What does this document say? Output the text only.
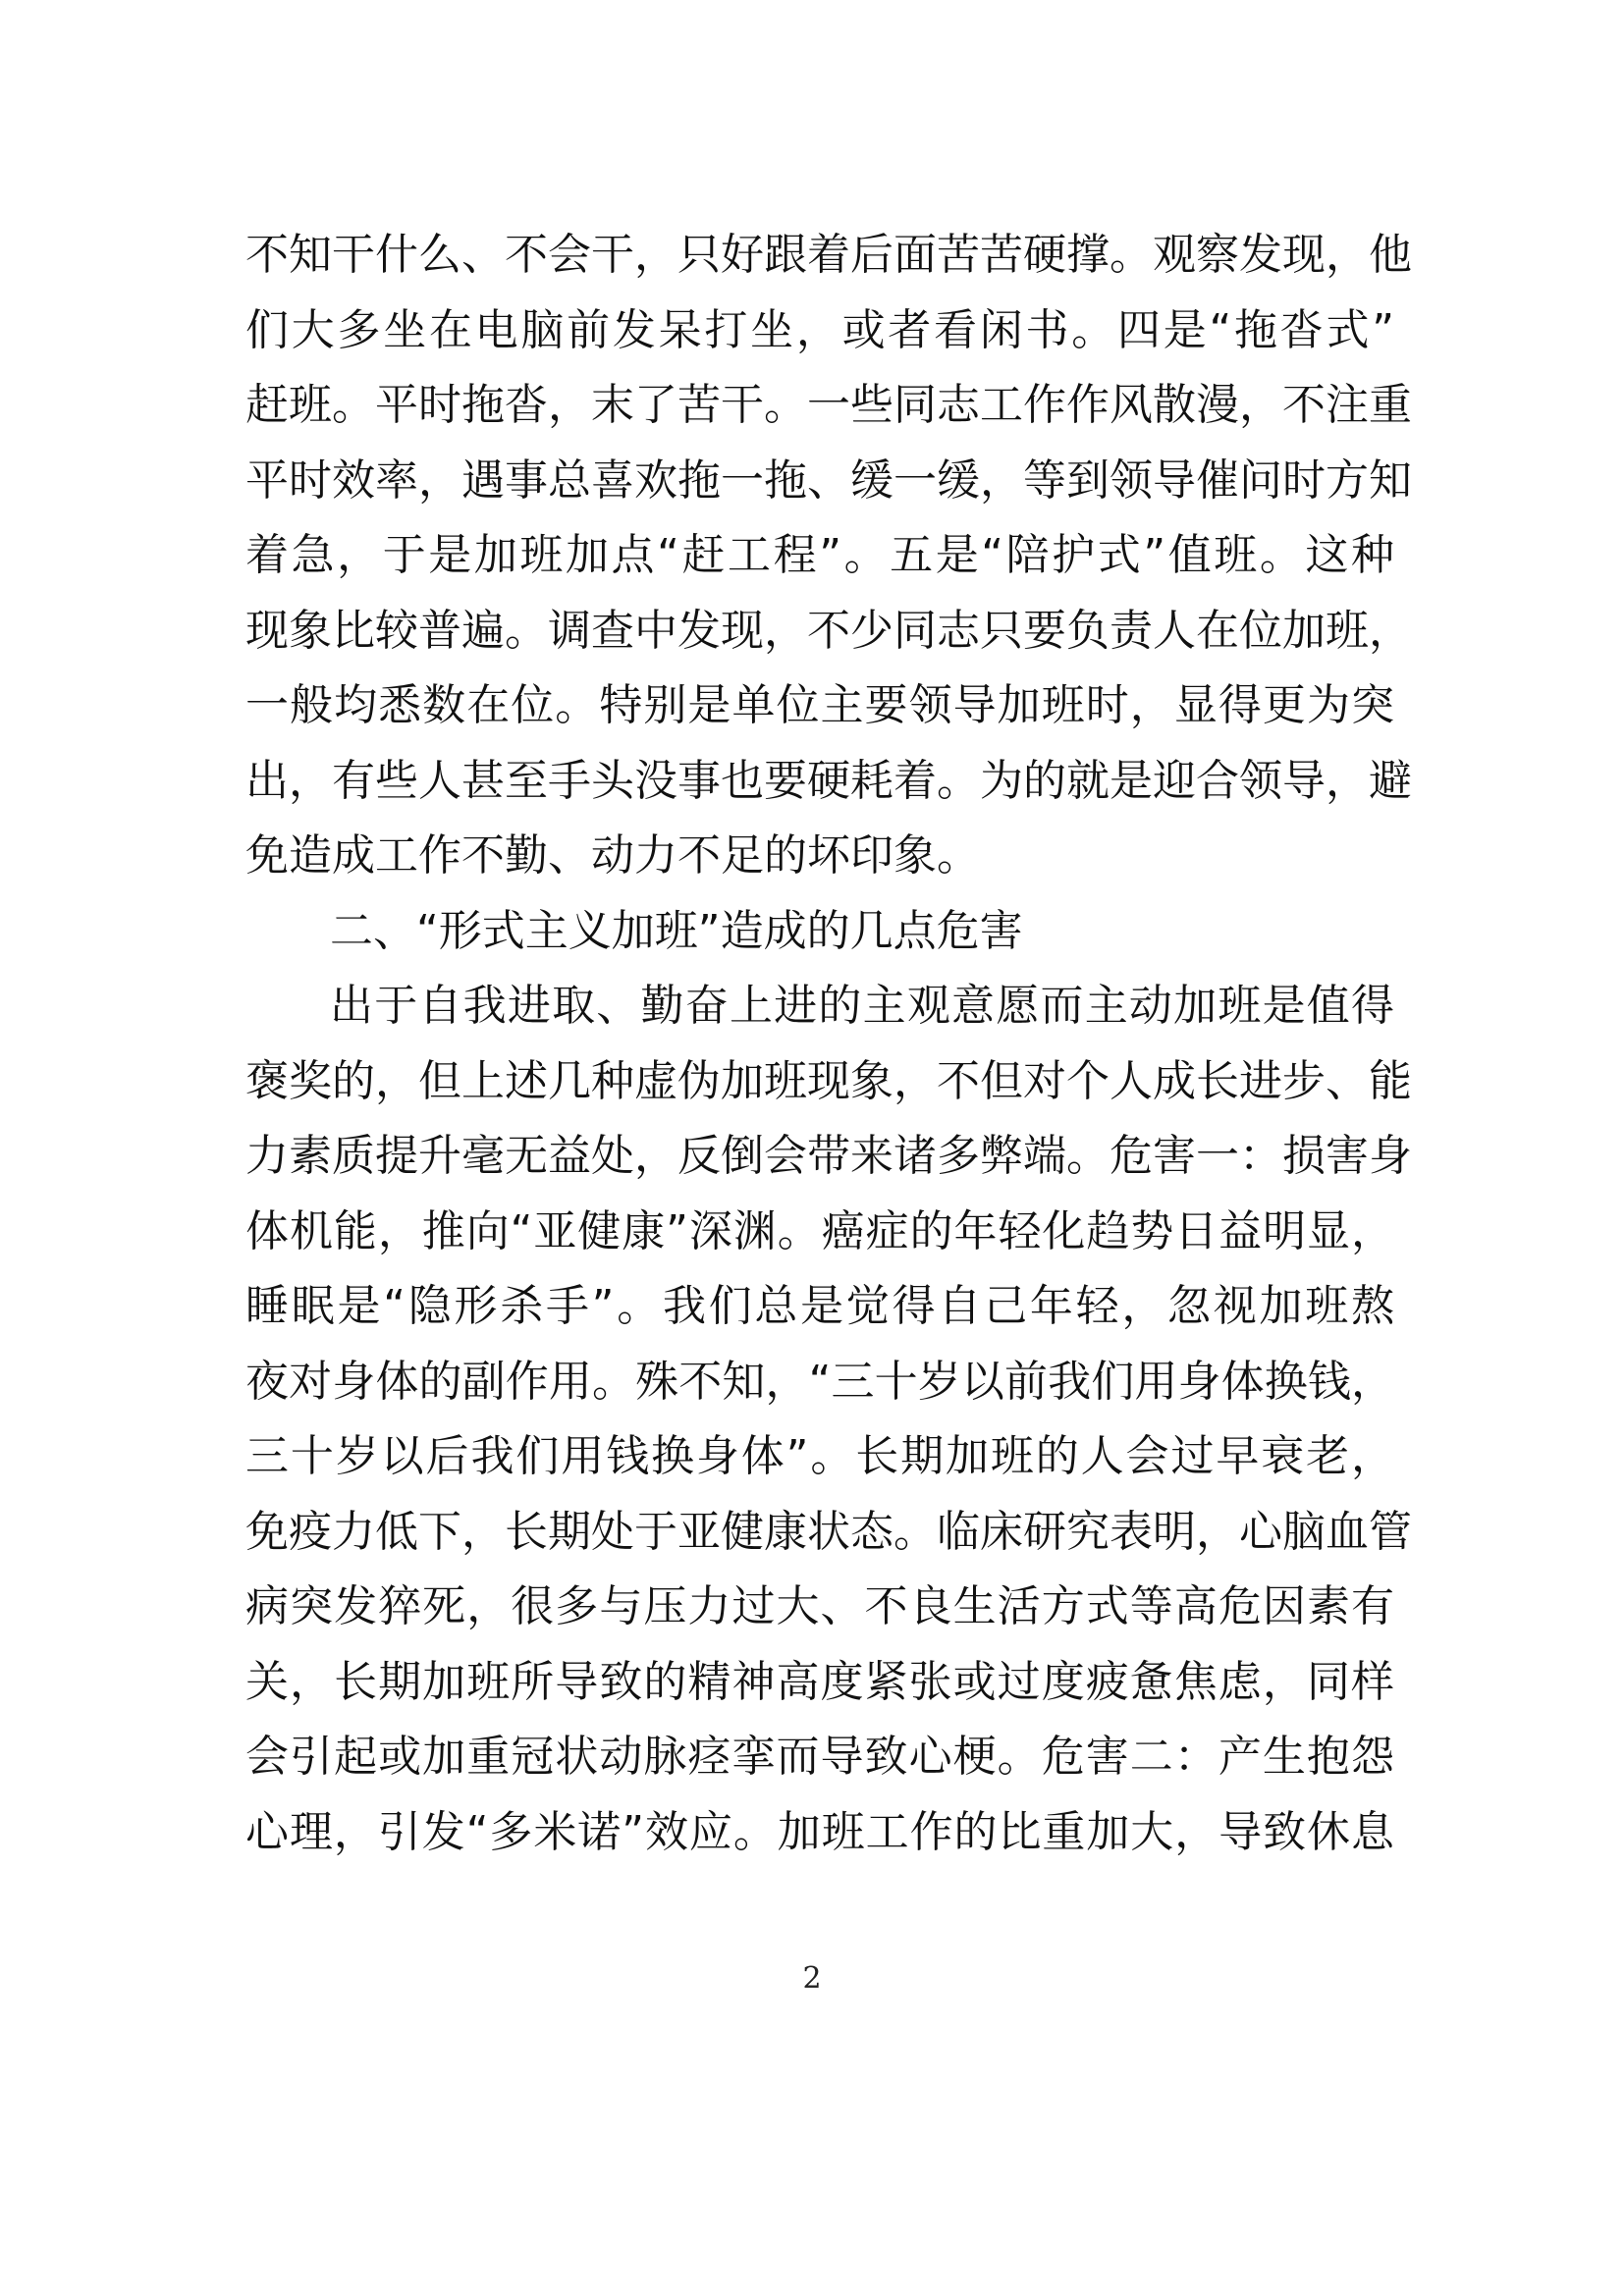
不知干什么、不会干，只好跟着后面苦苦硬撑。观察发现，他
们大多坐在电脑前发呆打坐，或者看闲书。四是“拖沓式”
赶班。平时拖沓，末了苦干。一些同志工作作风散漫，不注重
平时效率，遇事总喜欢拖一拖、缓一缓，等到领导催问时方知
着急，于是加班加点“赶工程”。五是“陪护式”值班。这种
现象比较普遍。调查中发现，不少同志只要负责人在位加班，
一般均悉数在位。特别是单位主要领导加班时，显得更为突
出，有些人甚至手头没事也要硬耗着。为的就是迎合领导，避
免造成工作不勤、动力不足的坏印象。
二、“形式主义加班”造成的几点危害
出于自我进取、勤奋上进的主观意愿而主动加班是值得
褒奖的，但上述几种虚伪加班现象，不但对个人成长进步、能
力素质提升毫无益处，反倒会带来诸多弊端。危害一：损害身
体机能，推向“亚健康”深渊。癌症的年轻化趋势日益明显，
睡眠是“隐形杀手”。我们总是觉得自己年轻，忽视加班熬
夜对身体的副作用。殊不知，“三十岁以前我们用身体换钱，
三十岁以后我们用钱换身体”。长期加班的人会过早衰老，
免疫力低下，长期处于亚健康状态。临床研究表明，心脑血管
病突发猝死，很多与压力过大、不良生活方式等高危因素有
关，长期加班所导致的精神高度紧张或过度疲惫焦虑，同样
会引起或加重冠状动脉痉挛而导致心梗。危害二：产生抱怨
心理，引发“多米诺”效应。加班工作的比重加大，导致休息
2
